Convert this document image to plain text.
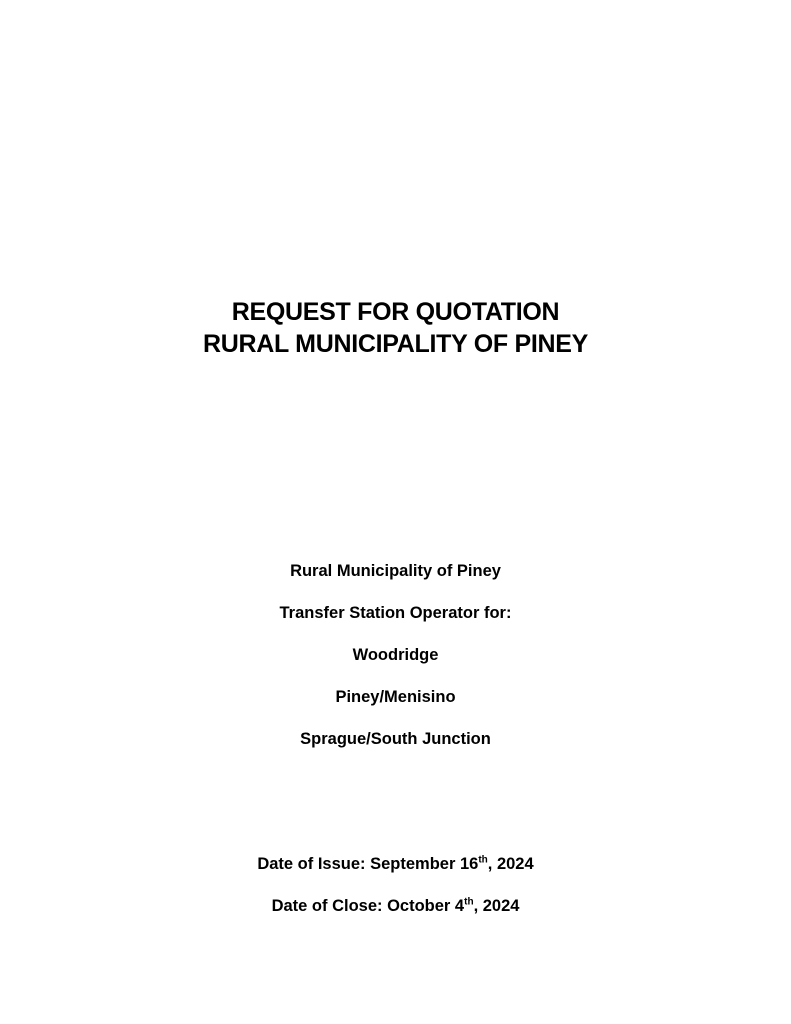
REQUEST FOR QUOTATION
RURAL MUNICIPALITY OF PINEY
Rural Municipality of Piney
Transfer Station Operator for:
Woodridge
Piney/Menisino
Sprague/South Junction
Date of Issue: September 16th, 2024
Date of Close: October 4th, 2024
